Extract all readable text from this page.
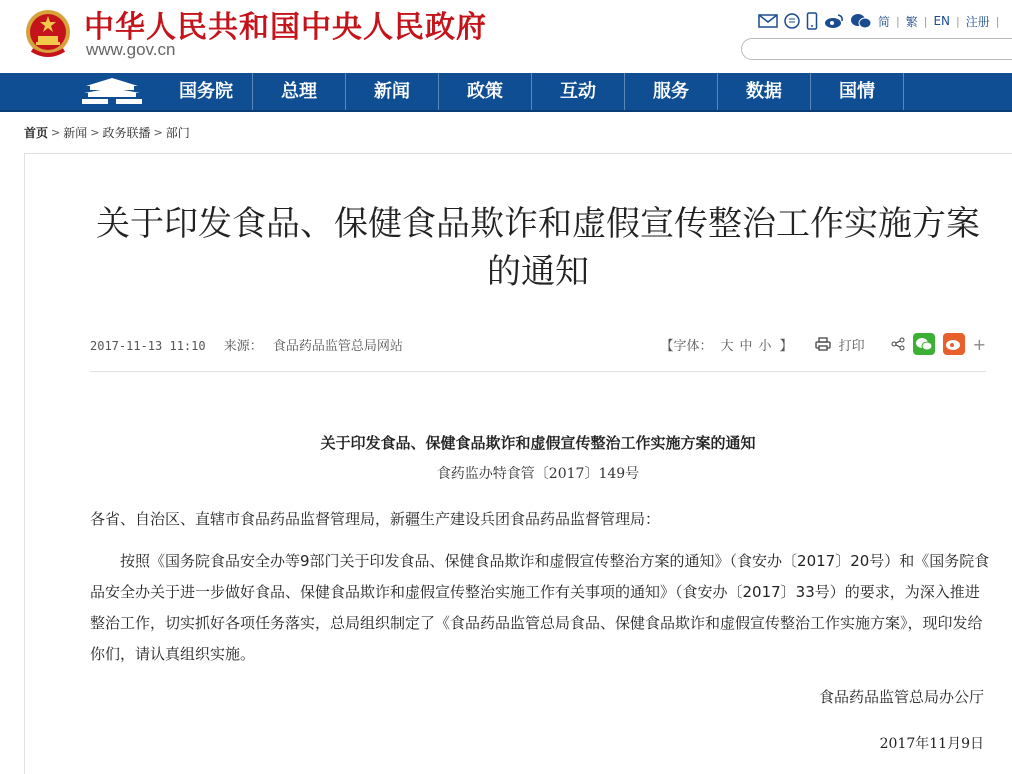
中华人民共和国中央人民政府
www.gov.cn
简 | 繁 | EN | 注册 |
国务院	总理	新闻	政策	互动	服务	数据	国情
首页 > 新闻 > 政务联播 > 部门
关于印发食品、保健食品欺诈和虚假宣传整治工作实施方案的通知
2017-11-13 11:10 来源： 食品药品监管总局网站	【字体： 大 中 小 】	打印	+
关于印发食品、保健食品欺诈和虚假宣传整治工作实施方案的通知
食药监办特食管〔2017〕149号

各省、自治区、直辖市食品药品监督管理局，新疆生产建设兵团食品药品监督管理局：

按照《国务院食品安全办等9部门关于印发食品、保健食品欺诈和虚假宣传整治方案的通知》（食安办〔2017〕20号）和《国务院食品安全办关于进一步做好食品、保健食品欺诈和虚假宣传整治实施工作有关事项的通知》（食安办〔2017〕33号）的要求，为深入推进整治工作，切实抓好各项任务落实，总局组织制定了《食品药品监管总局食品、保健食品欺诈和虚假宣传整治工作实施方案》，现印发给你们，请认真组织实施。

食品药品监管总局办公厅
2017年11月9日
